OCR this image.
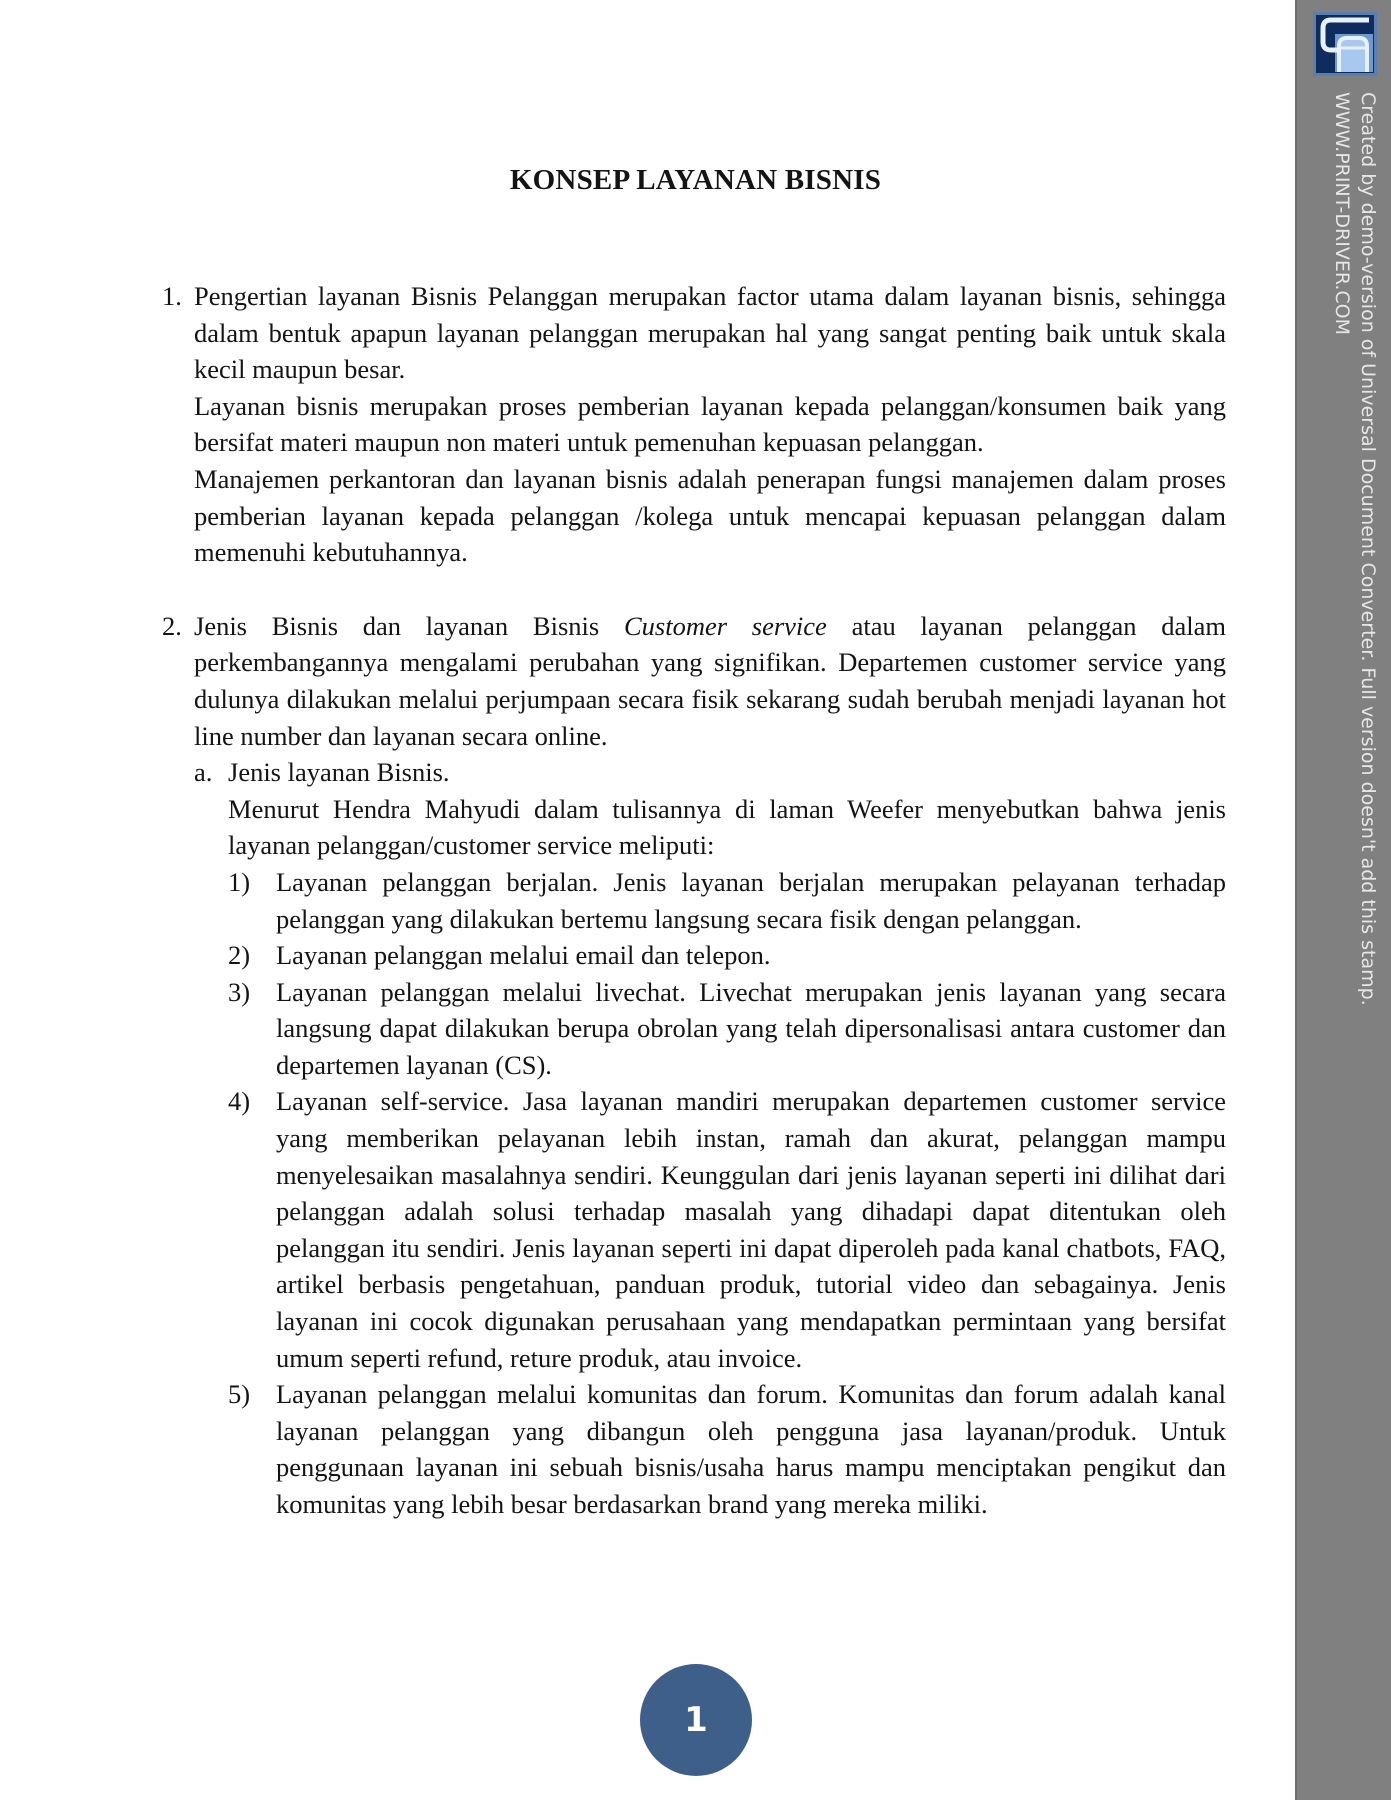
KONSEP LAYANAN BISNIS
1. Pengertian layanan Bisnis Pelanggan merupakan factor utama dalam layanan bisnis, sehingga dalam bentuk apapun layanan pelanggan merupakan hal yang sangat penting baik untuk skala kecil maupun besar.
Layanan bisnis merupakan proses pemberian layanan kepada pelanggan/konsumen baik yang bersifat materi maupun non materi untuk pemenuhan kepuasan pelanggan.
Manajemen perkantoran dan layanan bisnis adalah penerapan fungsi manajemen dalam proses pemberian layanan kepada pelanggan /kolega untuk mencapai kepuasan pelanggan dalam memenuhi kebutuhannya.
2. Jenis Bisnis dan layanan Bisnis Customer service atau layanan pelanggan dalam perkembangannya mengalami perubahan yang signifikan. Departemen customer service yang dulunya dilakukan melalui perjumpaan secara fisik sekarang sudah berubah menjadi layanan hot line number dan layanan secara online.
a. Jenis layanan Bisnis.
Menurut Hendra Mahyudi dalam tulisannya di laman Weefer menyebutkan bahwa jenis layanan pelanggan/customer service meliputi:
1) Layanan pelanggan berjalan. Jenis layanan berjalan merupakan pelayanan terhadap pelanggan yang dilakukan bertemu langsung secara fisik dengan pelanggan.
2) Layanan pelanggan melalui email dan telepon.
3) Layanan pelanggan melalui livechat. Livechat merupakan jenis layanan yang secara langsung dapat dilakukan berupa obrolan yang telah dipersonalisasi antara customer dan departemen layanan (CS).
4) Layanan self-service. Jasa layanan mandiri merupakan departemen customer service yang memberikan pelayanan lebih instan, ramah dan akurat, pelanggan mampu menyelesaikan masalahnya sendiri. Keunggulan dari jenis layanan seperti ini dilihat dari pelanggan adalah solusi terhadap masalah yang dihadapi dapat ditentukan oleh pelanggan itu sendiri. Jenis layanan seperti ini dapat diperoleh pada kanal chatbots, FAQ, artikel berbasis pengetahuan, panduan produk, tutorial video dan sebagainya. Jenis layanan ini cocok digunakan perusahaan yang mendapatkan permintaan yang bersifat umum seperti refund, reture produk, atau invoice.
5) Layanan pelanggan melalui komunitas dan forum. Komunitas dan forum adalah kanal layanan pelanggan yang dibangun oleh pengguna jasa layanan/produk. Untuk penggunaan layanan ini sebuah bisnis/usaha harus mampu menciptakan pengikut dan komunitas yang lebih besar berdasarkan brand yang mereka miliki.
1
Created by demo-version of Universal Document Converter. Full version doesn't add this stamp.
WWW.PRINT-DRIVER.COM
